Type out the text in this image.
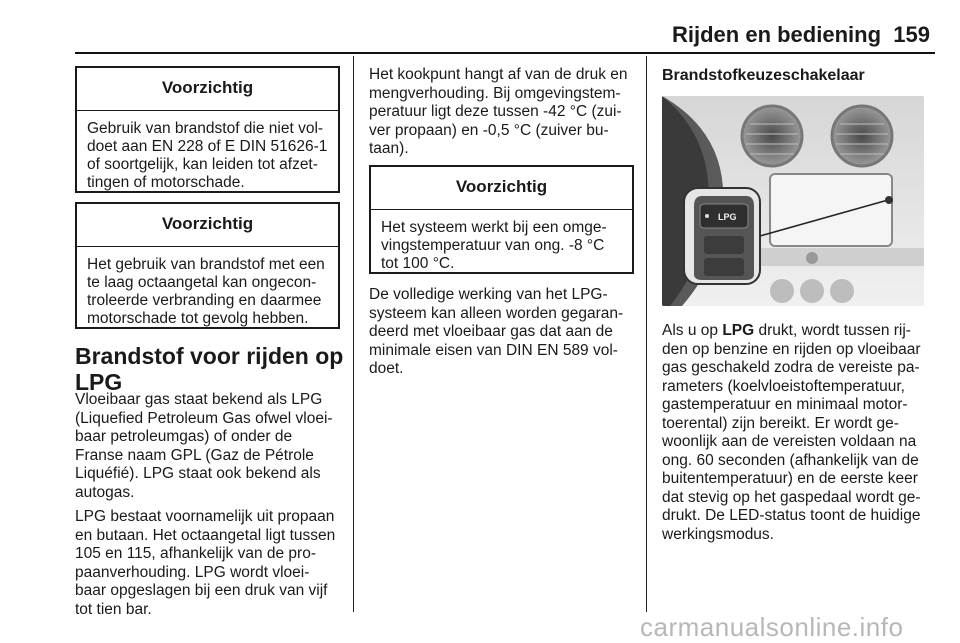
Rijden en bediening 159
Voorzichtig
Gebruik van brandstof die niet vol-
doet aan EN 228 of E DIN 51626-1
of soortgelijk, kan leiden tot afzet-
tingen of motorschade.
Voorzichtig
Het gebruik van brandstof met een
te laag octaangetal kan ongecon-
troleerde verbranding en daarmee
motorschade tot gevolg hebben.
Brandstof voor rijden op
LPG

Vloeibaar gas staat bekend als LPG
(Liquefied Petroleum Gas ofwel vloei-
baar petroleumgas) of onder de
Franse naam GPL (Gaz de Pétrole
Liquéfié). LPG staat ook bekend als
autogas.

LPG bestaat voornamelijk uit propaan
en butaan. Het octaangetal ligt tussen
105 en 115, afhankelijk van de pro-
paanverhouding. LPG wordt vloei-
baar opgeslagen bij een druk van vijf
tot tien bar.

Het kookpunt hangt af van de druk en
mengverhouding. Bij omgevingstem-
peratuur ligt deze tussen -42 °C (zui-
ver propaan) en -0,5 °C (zuiver bu-
taan).

Voorzichtig
Het systeem werkt bij een omge-
vingstemperatuur van ong. -8 °C
tot 100 °C.

De volledige werking van het LPG-
systeem kan alleen worden gegaran-
deerd met vloeibaar gas dat aan de
minimale eisen van DIN EN 589 vol-
doet.

Brandstofkeuzeschakelaar
LPG

Als u op LPG drukt, wordt tussen rij-
den op benzine en rijden op vloeibaar
gas geschakeld zodra de vereiste pa-
rameters (koelvloeistoftemperatuur,
gastemperatuur en minimaal motor-
toerental) zijn bereikt. Er wordt ge-
woonlijk aan de vereisten voldaan na
ong. 60 seconden (afhankelijk van de
buitentemperatuur) en de eerste keer
dat stevig op het gaspedaal wordt ge-
drukt. De LED-status toont de huidige
werkingsmodus.

carmanualsonline.info
